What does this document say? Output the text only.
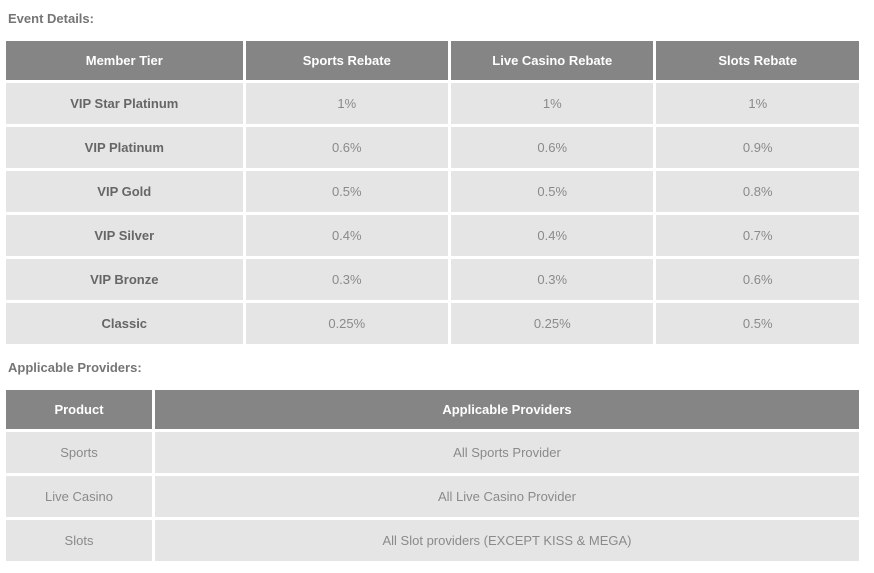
Event Details:
Member Tier	Sports Rebate	Live Casino Rebate	Slots Rebate
VIP Star Platinum	1%	1%	1%
VIP Platinum	0.6%	0.6%	0.9%
VIP Gold	0.5%	0.5%	0.8%
VIP Silver	0.4%	0.4%	0.7%
VIP Bronze	0.3%	0.3%	0.6%
Classic	0.25%	0.25%	0.5%
Applicable Providers:
Product	Applicable Providers
Sports	All Sports Provider
Live Casino	All Live Casino Provider
Slots	All Slot providers (EXCEPT KISS & MEGA)
